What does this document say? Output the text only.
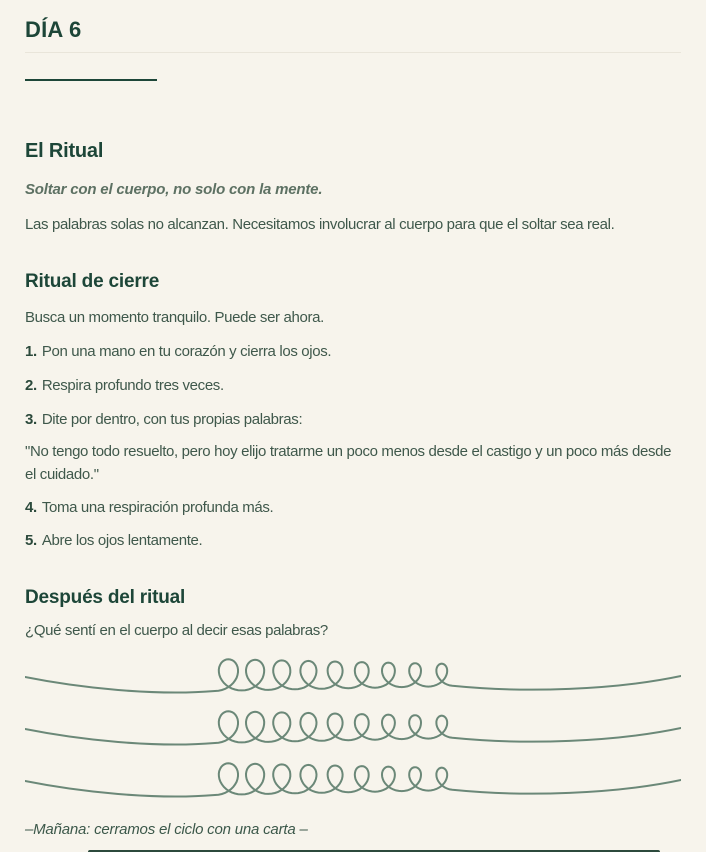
DÍA 6
El Ritual

Soltar con el cuerpo, no solo con la mente.

Las palabras solas no alcanzan. Necesitamos involucrar al cuerpo para que el soltar sea real.

Ritual de cierre

Busca un momento tranquilo. Puede ser ahora.

1. Pon una mano en tu corazón y cierra los ojos.

2. Respira profundo tres veces.

3. Dite por dentro, con tus propias palabras:

"No tengo todo resuelto, pero hoy elijo tratarme un poco menos desde el castigo y un poco más desde el cuidado."

4. Toma una respiración profunda más.

5. Abre los ojos lentamente.

Después del ritual

¿Qué sentí en el cuerpo al decir esas palabras?

–Mañana: cerramos el ciclo con una carta –
